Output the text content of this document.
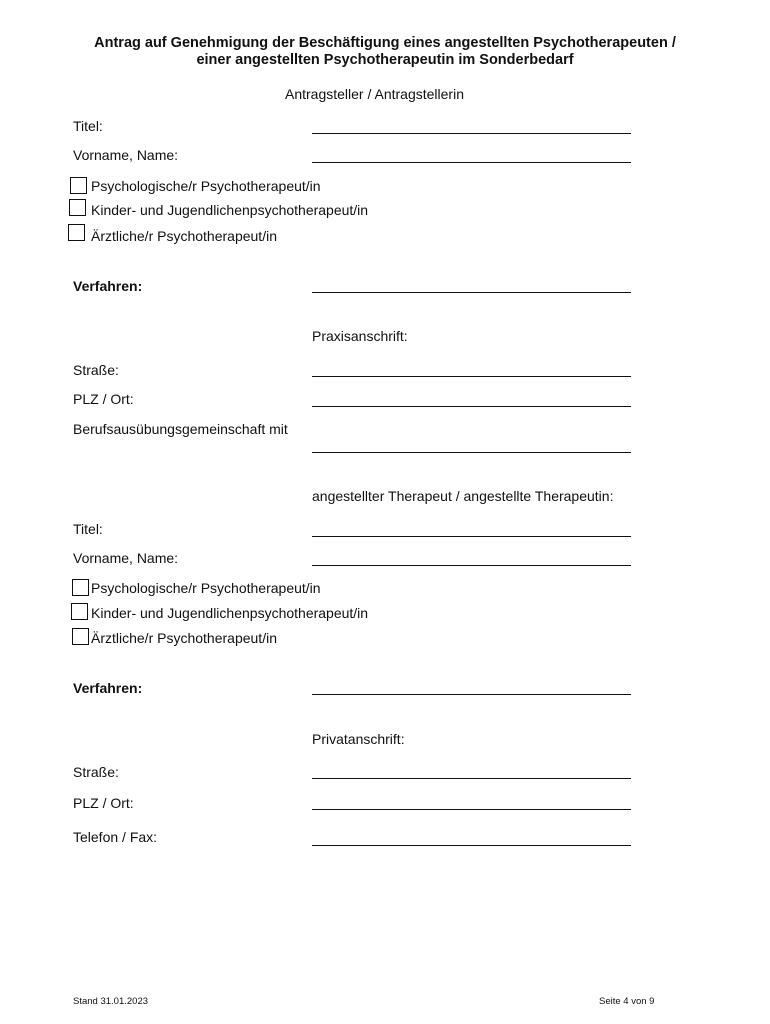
Antrag auf Genehmigung der Beschäftigung eines angestellten Psychotherapeuten /
einer angestellten Psychotherapeutin im Sonderbedarf
Antragsteller / Antragstellerin
Titel:
Vorname, Name:
Psychologische/r Psychotherapeut/in
Kinder- und Jugendlichenpsychotherapeut/in
Ärztliche/r Psychotherapeut/in
Verfahren:
Praxisanschrift:
Straße:
PLZ / Ort:
Berufsausübungsgemeinschaft mit
angestellter Therapeut / angestellte Therapeutin:
Titel:
Vorname, Name:
Psychologische/r Psychotherapeut/in
Kinder- und Jugendlichenpsychotherapeut/in
Ärztliche/r Psychotherapeut/in
Verfahren:
Privatanschrift:
Straße:
PLZ / Ort:
Telefon / Fax:
Stand 31.01.2023	Seite 4 von 9
